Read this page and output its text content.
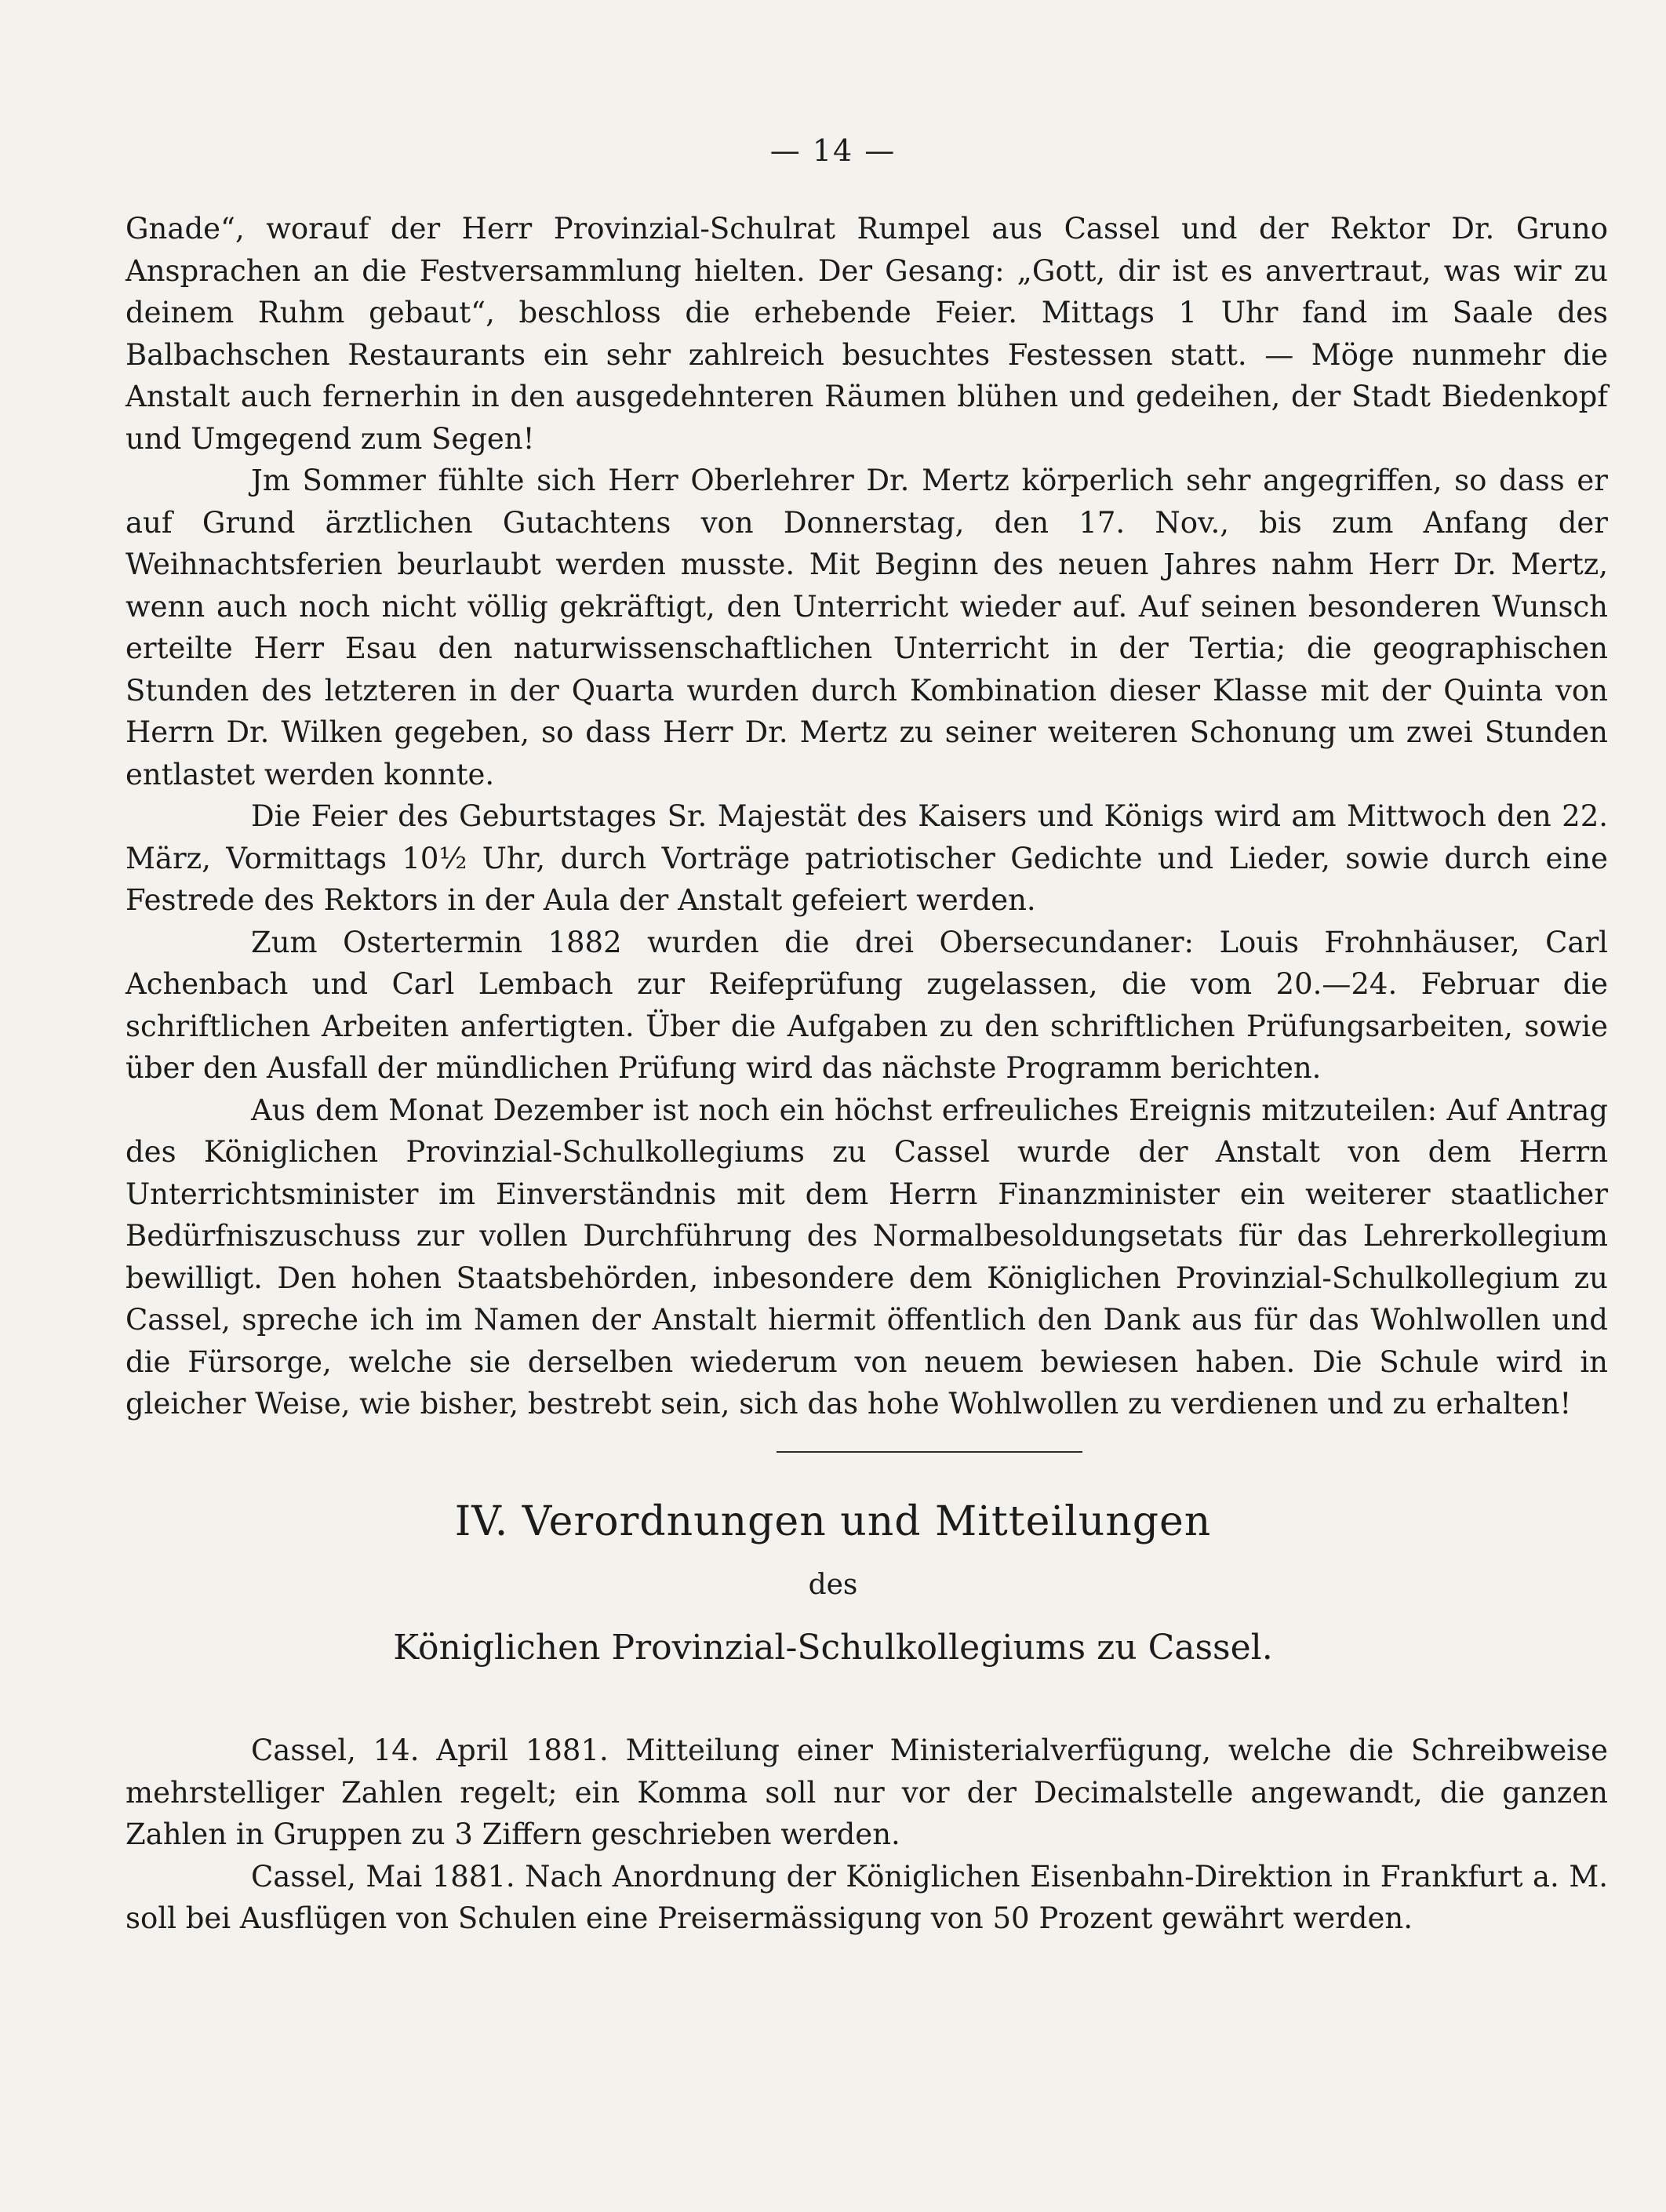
— 14 —

Gnade“, worauf der Herr Provinzial-Schulrat Rumpel aus Cassel und der Rektor Dr. Gruno Ansprachen an die Festversammlung hielten. Der Gesang: „Gott, dir ist es anvertraut, was wir zu deinem Ruhm gebaut“, beschloss die erhebende Feier. Mittags 1 Uhr fand im Saale des Balbachschen Restaurants ein sehr zahlreich besuchtes Festessen statt. — Möge nunmehr die Anstalt auch fernerhin in den ausgedehnteren Räumen blühen und gedeihen, der Stadt Biedenkopf und Umgegend zum Segen!

Jm Sommer fühlte sich Herr Oberlehrer Dr. Mertz körperlich sehr angegriffen, so dass er auf Grund ärztlichen Gutachtens von Donnerstag, den 17. Nov., bis zum Anfang der Weihnachtsferien beurlaubt werden musste. Mit Beginn des neuen Jahres nahm Herr Dr. Mertz, wenn auch noch nicht völlig gekräftigt, den Unterricht wieder auf. Auf seinen besonderen Wunsch erteilte Herr Esau den naturwissenschaftlichen Unterricht in der Tertia; die geographischen Stunden des letzteren in der Quarta wurden durch Kombination dieser Klasse mit der Quinta von Herrn Dr. Wilken gegeben, so dass Herr Dr. Mertz zu seiner weiteren Schonung um zwei Stunden entlastet werden konnte.

Die Feier des Geburtstages Sr. Majestät des Kaisers und Königs wird am Mittwoch den 22. März, Vormittags 10½ Uhr, durch Vorträge patriotischer Gedichte und Lieder, sowie durch eine Festrede des Rektors in der Aula der Anstalt gefeiert werden.

Zum Ostertermin 1882 wurden die drei Obersecundaner: Louis Frohnhäuser, Carl Achenbach und Carl Lembach zur Reifeprüfung zugelassen, die vom 20.—24. Februar die schriftlichen Arbeiten anfertigten. Über die Aufgaben zu den schriftlichen Prüfungsarbeiten, sowie über den Ausfall der mündlichen Prüfung wird das nächste Programm berichten.

Aus dem Monat Dezember ist noch ein höchst erfreuliches Ereignis mitzuteilen: Auf Antrag des Königlichen Provinzial-Schulkollegiums zu Cassel wurde der Anstalt von dem Herrn Unterrichtsminister im Einverständnis mit dem Herrn Finanzminister ein weiterer staatlicher Bedürfniszuschuss zur vollen Durchführung des Normalbesoldungsetats für das Lehrerkollegium bewilligt. Den hohen Staatsbehörden, inbesondere dem Königlichen Provinzial-Schulkollegium zu Cassel, spreche ich im Namen der Anstalt hiermit öffentlich den Dank aus für das Wohlwollen und die Fürsorge, welche sie derselben wiederum von neuem bewiesen haben. Die Schule wird in gleicher Weise, wie bisher, bestrebt sein, sich das hohe Wohlwollen zu verdienen und zu erhalten!

IV. Verordnungen und Mitteilungen
des
Königlichen Provinzial-Schulkollegiums zu Cassel.

Cassel, 14. April 1881. Mitteilung einer Ministerialverfügung, welche die Schreibweise mehrstelliger Zahlen regelt; ein Komma soll nur vor der Decimalstelle angewandt, die ganzen Zahlen in Gruppen zu 3 Ziffern geschrieben werden.

Cassel, Mai 1881. Nach Anordnung der Königlichen Eisenbahn-Direktion in Frankfurt a. M. soll bei Ausflügen von Schulen eine Preisermässigung von 50 Prozent gewährt werden.
